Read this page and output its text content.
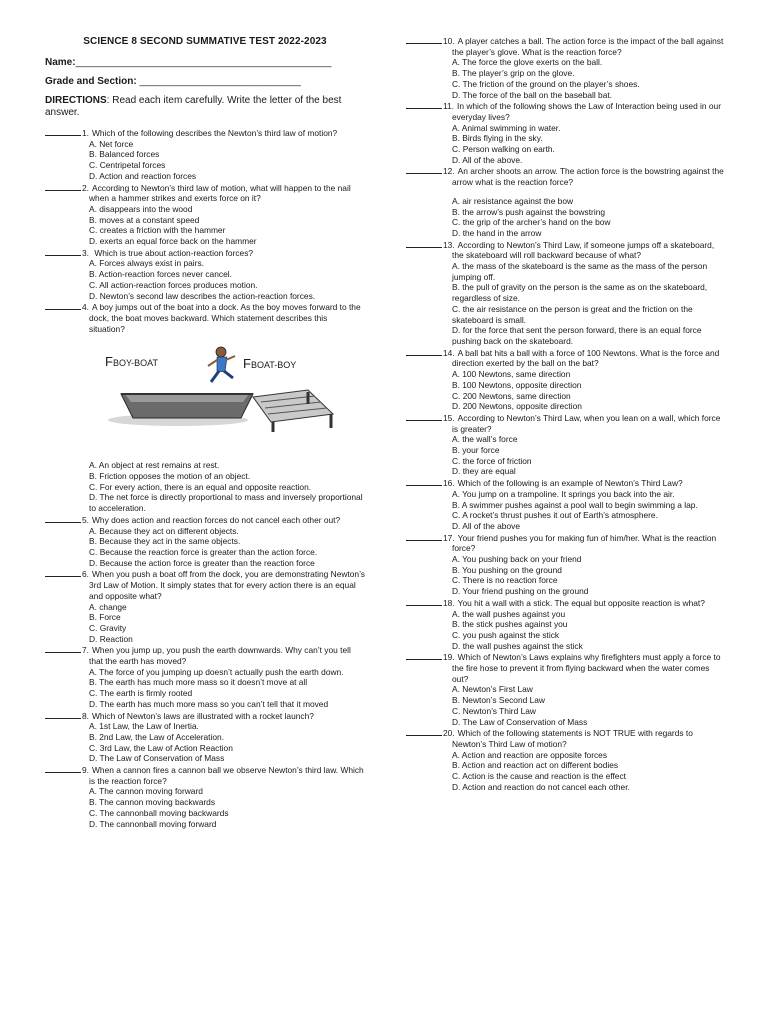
SCIENCE 8 SECOND SUMMATIVE TEST 2022-2023
Name:______________________________________________
Grade and Section: _____________________________
DIRECTIONS: Read each item carefully. Write the letter of the best answer.
1. Which of the following describes the Newton’s third law of motion?
A. Net force
B. Balanced forces
C. Centripetal forces
D. Action and reaction forces
2. According to Newton’s third law of motion, what will happen to the nail when a hammer strikes and exerts force on it?
A. disappears into the wood
B. moves at a constant speed
C. creates a friction with the hammer
D. exerts an equal force back on the hammer
3. Which is true about action-reaction forces?
A. Forces always exist in pairs.
B. Action-reaction forces never cancel.
C. All action-reaction forces produces motion.
D. Newton’s second law describes the action-reaction forces.
4. A boy jumps out of the boat into a dock. As the boy moves forward to the dock, the boat moves backward. Which statement describes this situation?
FBOY-BOAT	FBOAT-BOY
A. An object at rest remains at rest.
B. Friction opposes the motion of an object.
C. For every action, there is an equal and opposite reaction.
D. The net force is directly proportional to mass and inversely proportional to acceleration.
5. Why does action and reaction forces do not cancel each other out?
A. Because they act on different objects.
B. Because they act in the same objects.
C. Because the reaction force is greater than the action force.
D. Because the action force is greater than the reaction force
6. When you push a boat off from the dock, you are demonstrating Newton’s 3rd Law of Motion. It simply states that for every action there is an equal and opposite what?
A. change
B. Force
C. Gravity
D. Reaction
7. When you jump up, you push the earth downwards. Why can’t you tell that the earth has moved?
A. The force of you jumping up doesn’t actually push the earth down.
B. The earth has much more mass so it doesn’t move at all
C. The earth is firmly rooted
D. The earth has much more mass so you can’t tell that it moved
8. Which of Newton’s laws are illustrated with a rocket launch?
A. 1st Law, the Law of Inertia.
B. 2nd Law, the Law of Acceleration.
C. 3rd Law, the Law of Action Reaction
D. The Law of Conservation of Mass
9. When a cannon fires a cannon ball we observe Newton’s third law. Which is the reaction force?
A. The cannon moving forward
B. The cannon moving backwards
C. The cannonball moving backwards
D. The cannonball moving forward
10. A player catches a ball. The action force is the impact of the ball against the player’s glove. What is the reaction force?
A. The force the glove exerts on the ball.
B. The player’s grip on the glove.
C. The friction of the ground on the player’s shoes.
D. The force of the ball on the baseball bat.
11. In which of the following shows the Law of Interaction being used in our everyday lives?
A. Animal swimming in water.
B. Birds flying in the sky.
C. Person walking on earth.
D. All of the above.
12. An archer shoots an arrow. The action force is the bowstring against the arrow what is the reaction force?
A. air resistance against the bow
B. the arrow’s push against the bowstring
C. the grip of the archer’s hand on the bow
D. the hand in the arrow
13. According to Newton’s Third Law, if someone jumps off a skateboard, the skateboard will roll backward because of what?
A. the mass of the skateboard is the same as the mass of the person jumping off.
B. the pull of gravity on the person is the same as on the skateboard, regardless of size.
C. the air resistance on the person is great and the friction on the skateboard is small.
D. for the force that sent the person forward, there is an equal force pushing back on the skateboard.
14. A ball bat hits a ball with a force of 100 Newtons. What is the force and direction exerted by the ball on the bat?
A. 100 Newtons, same direction
B. 100 Newtons, opposite direction
C. 200 Newtons, same direction
D. 200 Newtons, opposite direction
15. According to Newton’s Third Law, when you lean on a wall, which force is greater?
A. the wall’s force
B. your force
C. the force of friction
D. they are equal
16. Which of the following is an example of Newton’s Third Law?
A. You jump on a trampoline. It springs you back into the air.
B. A swimmer pushes against a pool wall to begin swimming a lap.
C. A rocket’s thrust pushes it out of Earth’s atmosphere.
D. All of the above
17. Your friend pushes you for making fun of him/her. What is the reaction force?
A. You pushing back on your friend
B. You pushing on the ground
C. There is no reaction force
D. Your friend pushing on the ground
18. You hit a wall with a stick. The equal but opposite reaction is what?
A. the wall pushes against you
B. the stick pushes against you
C. you push against the stick
D. the wall pushes against the stick
19. Which of Newton’s Laws explains why firefighters must apply a force to the fire hose to prevent it from flying backward when the water comes out?
A. Newton’s First Law
B. Newton’s Second Law
C. Newton’s Third Law
D. The Law of Conservation of Mass
20. Which of the following statements is NOT TRUE with regards to Newton’s Third Law of motion?
A. Action and reaction are opposite forces
B. Action and reaction act on different bodies
C. Action is the cause and reaction is the effect
D. Action and reaction do not cancel each other.
